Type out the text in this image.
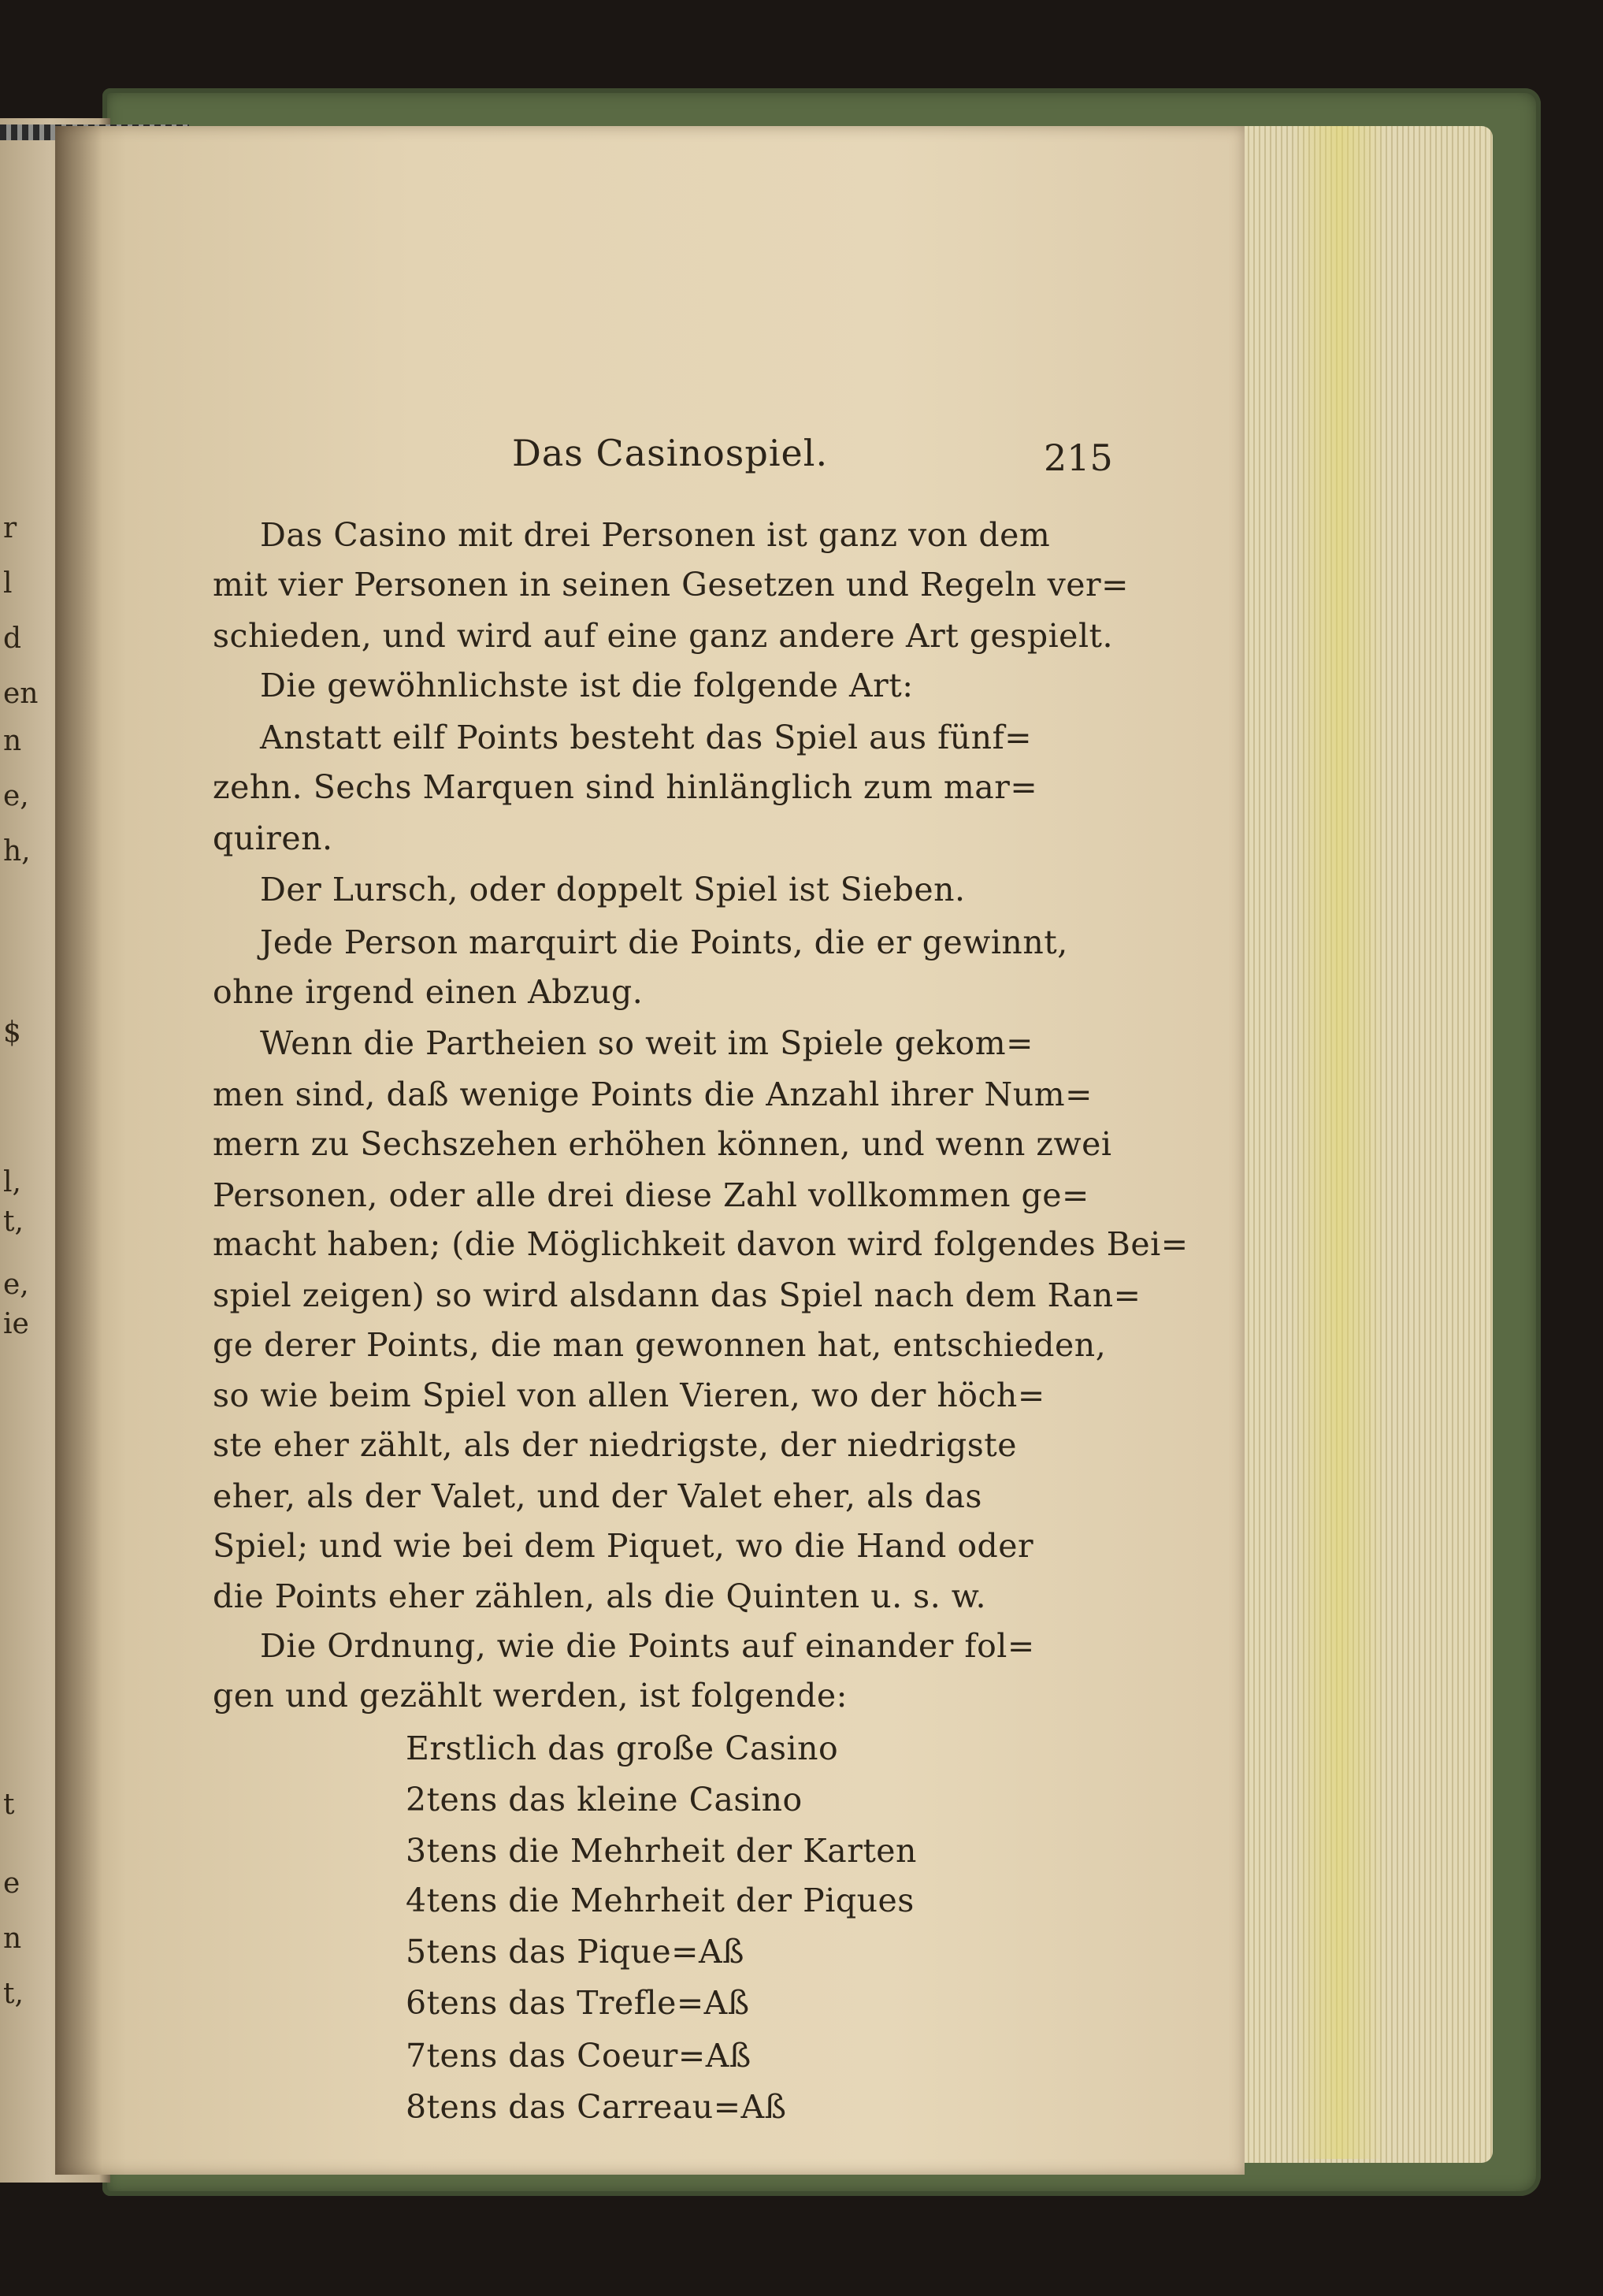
r
l
d
en
n
e,
h,
$
l,
t,
e,
ie
t
e
n
t,
Das Casinospiel.	215
Das Casino mit drei Personen ist ganz von dem
mit vier Personen in seinen Gesetzen und Regeln ver=
schieden, und wird auf eine ganz andere Art gespielt.
Die gewöhnlichste ist die folgende Art:
Anstatt eilf Points besteht das Spiel aus fünf=
zehn. Sechs Marquen sind hinlänglich zum mar=
quiren.
Der Lursch, oder doppelt Spiel ist Sieben.
Jede Person marquirt die Points, die er gewinnt,
ohne irgend einen Abzug.
Wenn die Partheien so weit im Spiele gekom=
men sind, daß wenige Points die Anzahl ihrer Num=
mern zu Sechszehen erhöhen können, und wenn zwei
Personen, oder alle drei diese Zahl vollkommen ge=
macht haben; (die Möglichkeit davon wird folgendes Bei=
spiel zeigen) so wird alsdann das Spiel nach dem Ran=
ge derer Points, die man gewonnen hat, entschieden,
so wie beim Spiel von allen Vieren, wo der höch=
ste eher zählt, als der niedrigste, der niedrigste
eher, als der Valet, und der Valet eher, als das
Spiel; und wie bei dem Piquet, wo die Hand oder
die Points eher zählen, als die Quinten u. s. w.
Die Ordnung, wie die Points auf einander fol=
gen und gezählt werden, ist folgende:
Erstlich das große Casino
2tens das kleine Casino
3tens die Mehrheit der Karten
4tens die Mehrheit der Piques
5tens das Pique=Aß
6tens das Trefle=Aß
7tens das Coeur=Aß
8tens das Carreau=Aß
